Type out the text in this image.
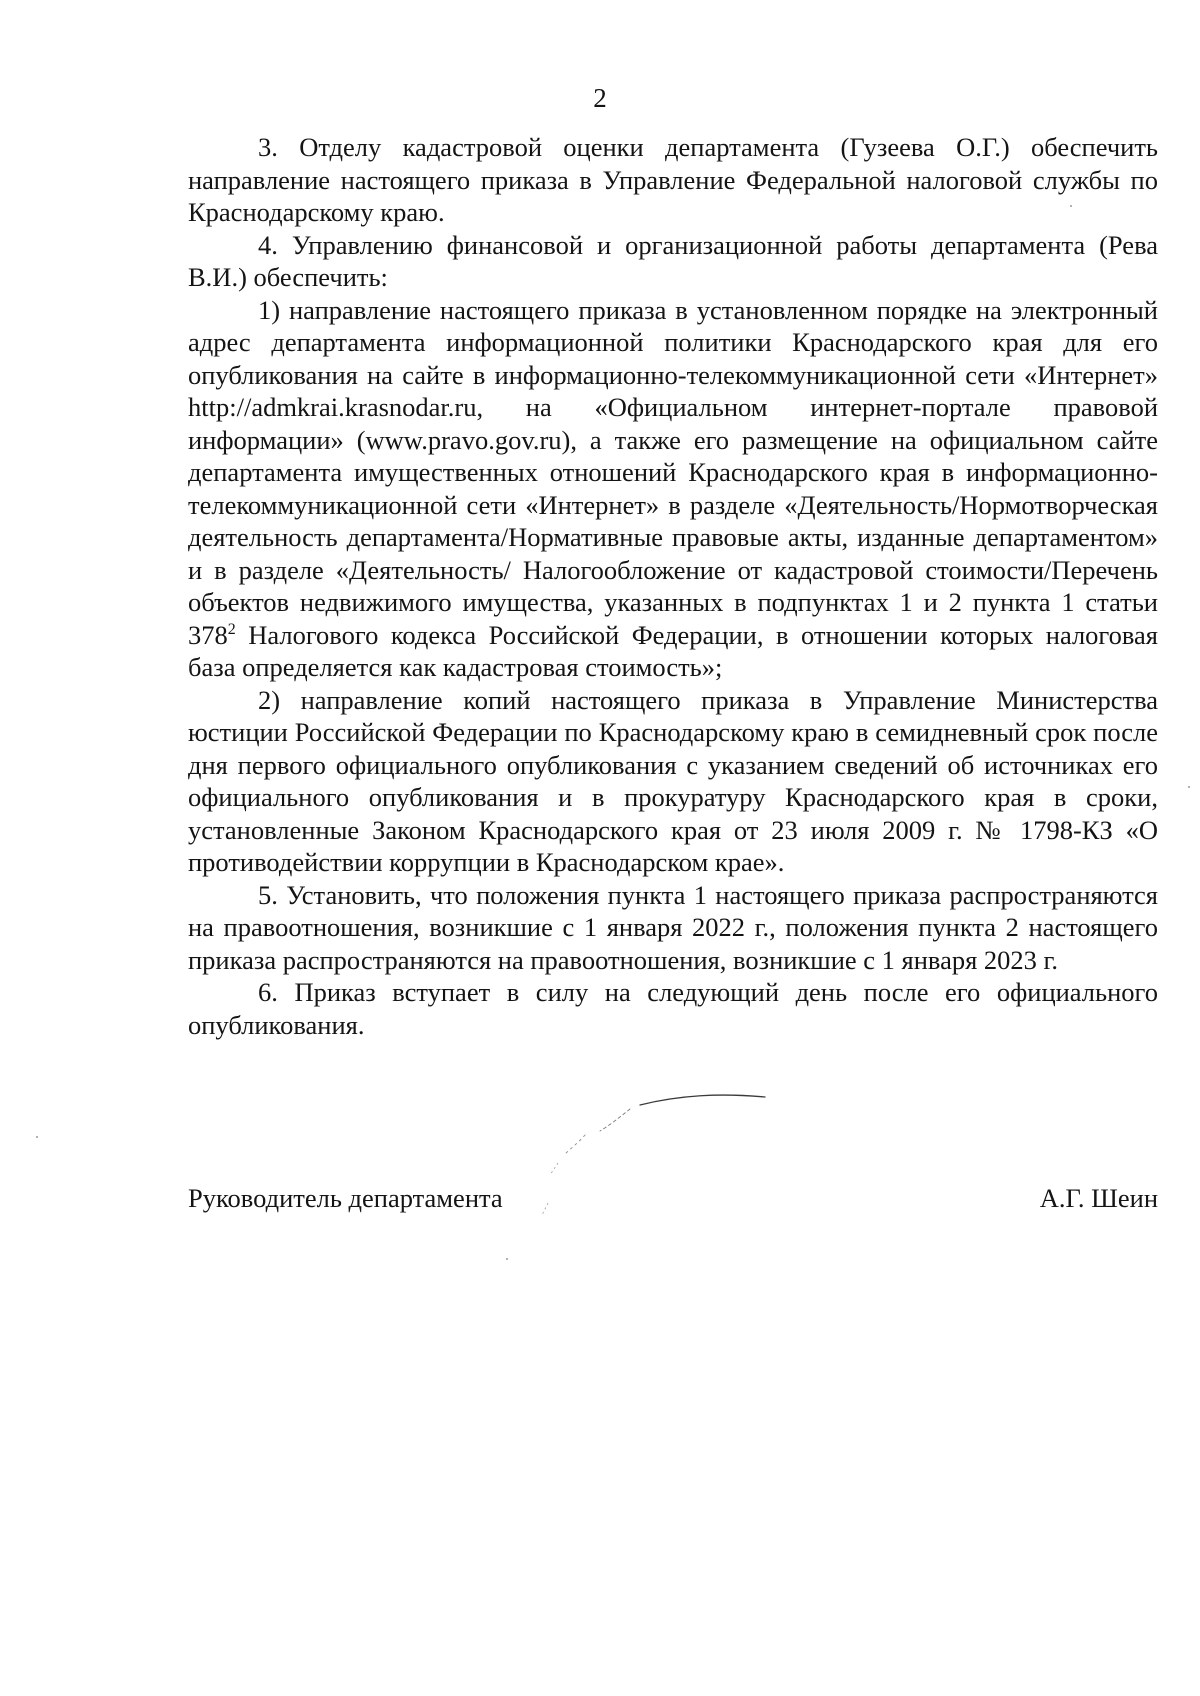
2

3. Отделу кадастровой оценки департамента (Гузеева О.Г.) обеспечить направление настоящего приказа в Управление Федеральной налоговой службы по Краснодарскому краю.

4. Управлению финансовой и организационной работы департамента (Рева В.И.) обеспечить:

1) направление настоящего приказа в установленном порядке на электронный адрес департамента информационной политики Краснодарского края для его опубликования на сайте в информационно-телекоммуникационной сети «Интернет» http://admkrai.krasnodar.ru, на «Официальном интернет-портале правовой информации» (www.pravo.gov.ru), а также его размещение на официальном сайте департамента имущественных отношений Краснодарского края в информационно-телекоммуникационной сети «Интернет» в разделе «Деятельность/Нормотворческая деятельность департамента/Нормативные правовые акты, изданные департаментом» и в разделе «Деятельность/ Налогообложение от кадастровой стоимости/Перечень объектов недвижимого имущества, указанных в подпунктах 1 и 2 пункта 1 статьи 378$^2$ Налогового кодекса Российской Федерации, в отношении которых налоговая база определяется как кадастровая стоимость»;

2) направление копий настоящего приказа в Управление Министерства юстиции Российской Федерации по Краснодарскому краю в семидневный срок после дня первого официального опубликования с указанием сведений об источниках его официального опубликования и в прокуратуру Краснодарского края в сроки, установленные Законом Краснодарского края от 23 июля 2009 г. № 1798-КЗ «О противодействии коррупции в Краснодарском крае».

5. Установить, что положения пункта 1 настоящего приказа распространяются на правоотношения, возникшие с 1 января 2022 г., положения пункта 2 настоящего приказа распространяются на правоотношения, возникшие с 1 января 2023 г.

6. Приказ вступает в силу на следующий день после его официального опубликования.

Руководитель департамента	А.Г. Шеин
